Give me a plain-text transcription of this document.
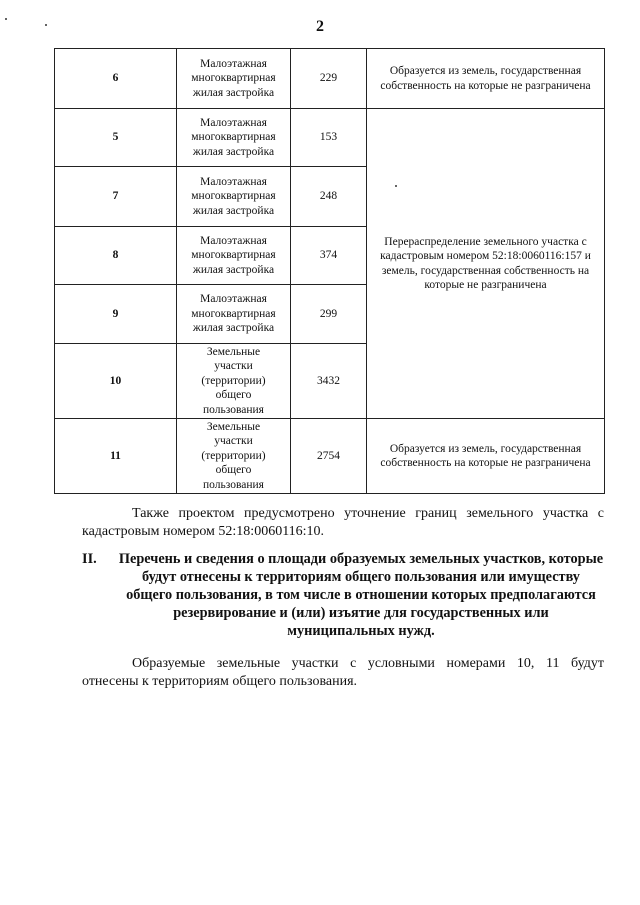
2
6	Малоэтажная многоквартирная жилая застройка	229	Образуется из земель, государственная собственность на которые не разграничена
5	Малоэтажная многоквартирная жилая застройка	153	Перераспределение земельного участка с кадастровым номером 52:18:0060116:157 и земель, государственная собственность на которые не разграничена
7	Малоэтажная многоквартирная жилая застройка	248	
8	Малоэтажная многоквартирная жилая застройка	374	
9	Малоэтажная многоквартирная жилая застройка	299	
10	Земельные участки (территории) общего пользования	3432	
11	Земельные участки (территории) общего пользования	2754	Образуется из земель, государственная собственность на которые не разграничена
Также проектом предусмотрено уточнение границ земельного участка с
кадастровым номером 52:18:0060116:10.
II. Перечень и сведения о площади образуемых земельных участков, которые будут отнесены к территориям общего пользования или имуществу общего пользования, в том числе в отношении которых предполагаются резервирование и (или) изъятие для государственных или муниципальных нужд.
Образуемые земельные участки с условными номерами 10, 11 будут
отнесены к территориям общего пользования.
